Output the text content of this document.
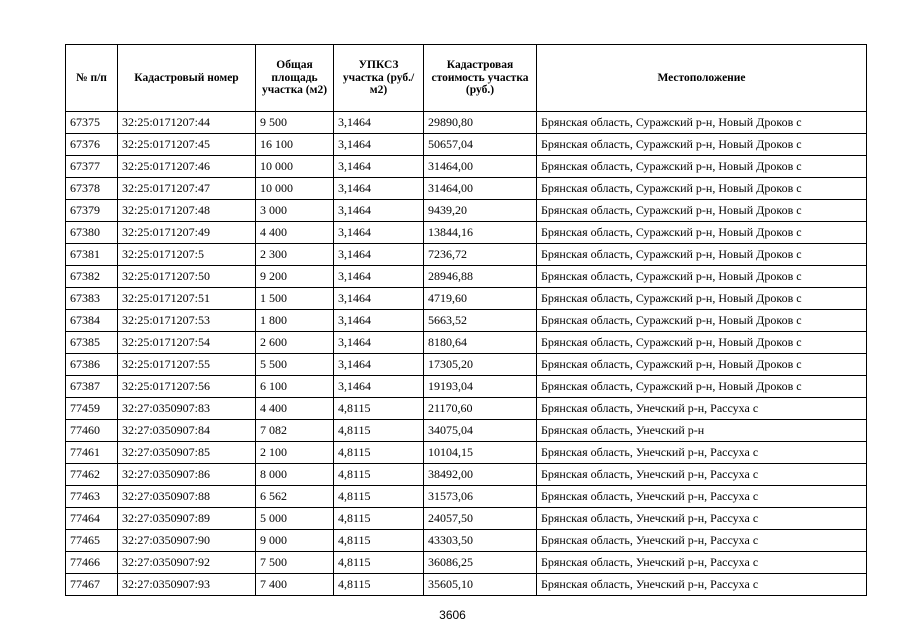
№ п/п	Кадастровый номер	Общая площадь участка (м2)	УПКСЗ участка (руб./м2)	Кадастровая стоимость участка (руб.)	Местоположение
67375	32:25:0171207:44	9 500	3,1464	29890,80	Брянская область, Суражский р-н, Новый Дроков с
67376	32:25:0171207:45	16 100	3,1464	50657,04	Брянская область, Суражский р-н, Новый Дроков с
67377	32:25:0171207:46	10 000	3,1464	31464,00	Брянская область, Суражский р-н, Новый Дроков с
67378	32:25:0171207:47	10 000	3,1464	31464,00	Брянская область, Суражский р-н, Новый Дроков с
67379	32:25:0171207:48	3 000	3,1464	9439,20	Брянская область, Суражский р-н, Новый Дроков с
67380	32:25:0171207:49	4 400	3,1464	13844,16	Брянская область, Суражский р-н, Новый Дроков с
67381	32:25:0171207:5	2 300	3,1464	7236,72	Брянская область, Суражский р-н, Новый Дроков с
67382	32:25:0171207:50	9 200	3,1464	28946,88	Брянская область, Суражский р-н, Новый Дроков с
67383	32:25:0171207:51	1 500	3,1464	4719,60	Брянская область, Суражский р-н, Новый Дроков с
67384	32:25:0171207:53	1 800	3,1464	5663,52	Брянская область, Суражский р-н, Новый Дроков с
67385	32:25:0171207:54	2 600	3,1464	8180,64	Брянская область, Суражский р-н, Новый Дроков с
67386	32:25:0171207:55	5 500	3,1464	17305,20	Брянская область, Суражский р-н, Новый Дроков с
67387	32:25:0171207:56	6 100	3,1464	19193,04	Брянская область, Суражский р-н, Новый Дроков с
77459	32:27:0350907:83	4 400	4,8115	21170,60	Брянская область, Унечский р-н, Рассуха с
77460	32:27:0350907:84	7 082	4,8115	34075,04	Брянская область, Унечский р-н
77461	32:27:0350907:85	2 100	4,8115	10104,15	Брянская область, Унечский р-н, Рассуха с
77462	32:27:0350907:86	8 000	4,8115	38492,00	Брянская область, Унечский р-н, Рассуха с
77463	32:27:0350907:88	6 562	4,8115	31573,06	Брянская область, Унечский р-н, Рассуха с
77464	32:27:0350907:89	5 000	4,8115	24057,50	Брянская область, Унечский р-н, Рассуха с
77465	32:27:0350907:90	9 000	4,8115	43303,50	Брянская область, Унечский р-н, Рассуха с
77466	32:27:0350907:92	7 500	4,8115	36086,25	Брянская область, Унечский р-н, Рассуха с
77467	32:27:0350907:93	7 400	4,8115	35605,10	Брянская область, Унечский р-н, Рассуха с
3606
